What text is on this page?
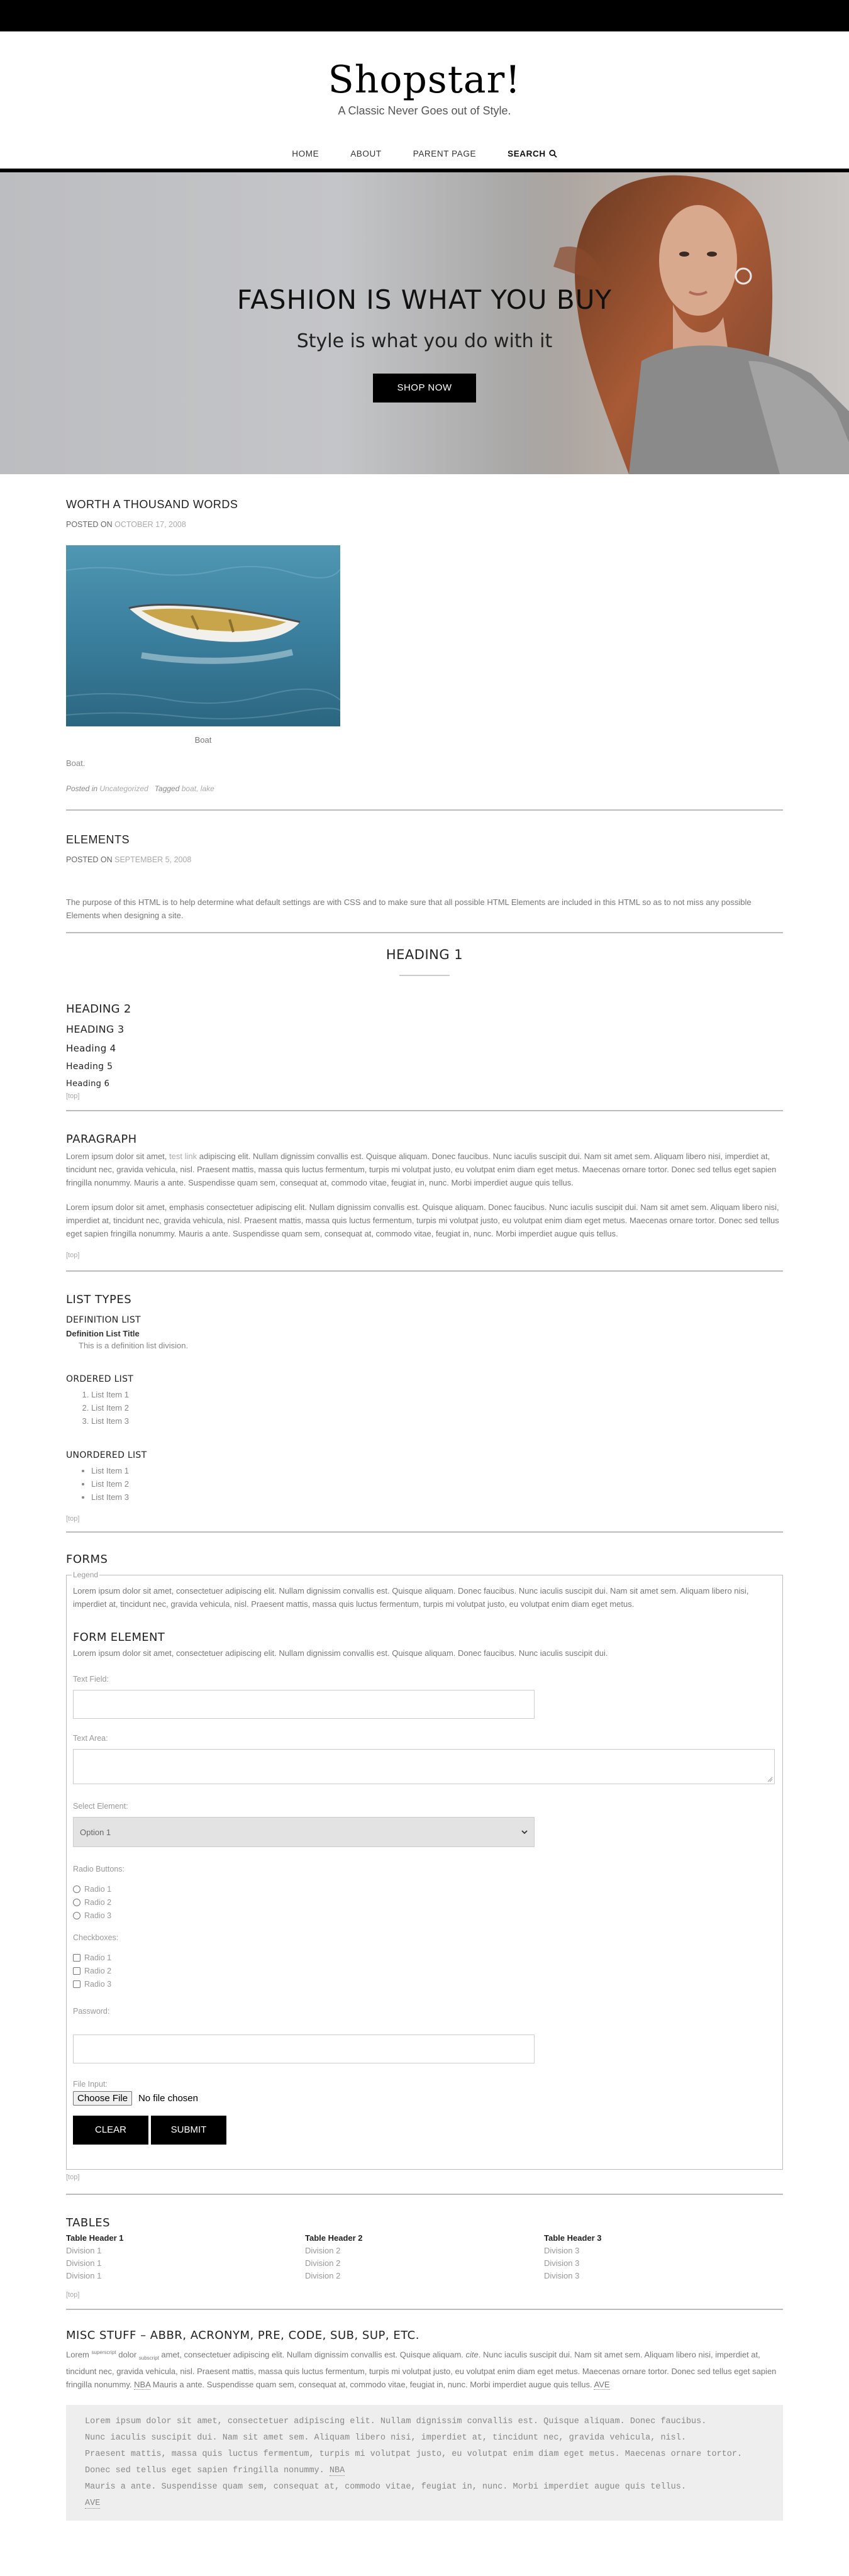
Shopstar!
A Classic Never Goes out of Style.
HOME	ABOUT	PARENT PAGE	SEARCH
FASHION IS WHAT YOU BUY
Style is what you do with it
SHOP NOW
WORTH A THOUSAND WORDS
POSTED ON OCTOBER 17, 2008
Boat

Boat.

Posted in Uncategorized Tagged boat, lake
ELEMENTS
POSTED ON SEPTEMBER 5, 2008

The purpose of this HTML is to help determine what default settings are with CSS and to make sure that all possible HTML Elements are included in this HTML so as to not miss any possible Elements when designing a site.

HEADING 1
HEADING 2
HEADING 3
Heading 4
Heading 5
Heading 6
[top]
PARAGRAPH

Lorem ipsum dolor sit amet, test link adipiscing elit. Nullam dignissim convallis est. Quisque aliquam. Donec faucibus. Nunc iaculis suscipit dui. Nam sit amet sem. Aliquam libero nisi, imperdiet at, tincidunt nec, gravida vehicula, nisl. Praesent mattis, massa quis luctus fermentum, turpis mi volutpat justo, eu volutpat enim diam eget metus. Maecenas ornare tortor. Donec sed tellus eget sapien fringilla nonummy. Mauris a ante. Suspendisse quam sem, consequat at, commodo vitae, feugiat in, nunc. Morbi imperdiet augue quis tellus.

Lorem ipsum dolor sit amet, emphasis consectetuer adipiscing elit. Nullam dignissim convallis est. Quisque aliquam. Donec faucibus. Nunc iaculis suscipit dui. Nam sit amet sem. Aliquam libero nisi, imperdiet at, tincidunt nec, gravida vehicula, nisl. Praesent mattis, massa quis luctus fermentum, turpis mi volutpat justo, eu volutpat enim diam eget metus. Maecenas ornare tortor. Donec sed tellus eget sapien fringilla nonummy. Mauris a ante. Suspendisse quam sem, consequat at, commodo vitae, feugiat in, nunc. Morbi imperdiet augue quis tellus.

[top]
LIST TYPES
DEFINITION LIST
Definition List Title
This is a definition list division.
ORDERED LIST
1. List Item 1
2. List Item 2
3. List Item 3
UNORDERED LIST
• List Item 1
• List Item 2
• List Item 3
[top]
FORMS
Legend

Lorem ipsum dolor sit amet, consectetuer adipiscing elit. Nullam dignissim convallis est. Quisque aliquam. Donec faucibus. Nunc iaculis suscipit dui. Nam sit amet sem. Aliquam libero nisi, imperdiet at, tincidunt nec, gravida vehicula, nisl. Praesent mattis, massa quis luctus fermentum, turpis mi volutpat justo, eu volutpat enim diam eget metus.

FORM ELEMENT

Lorem ipsum dolor sit amet, consectetuer adipiscing elit. Nullam dignissim convallis est. Quisque aliquam. Donec faucibus. Nunc iaculis suscipit dui.

Text Field:
Text Area:
Select Element:
Option 1
Radio Buttons:
Radio 1
Radio 2
Radio 3
Checkboxes:
Radio 1
Radio 2
Radio 3
Password:
File Input:
Choose File No file chosen
CLEAR	SUBMIT
[top]
TABLES
Table Header 1	Table Header 2	Table Header 3
Division 1	Division 2	Division 3
Division 1	Division 2	Division 3
Division 1	Division 2	Division 3
[top]
MISC STUFF – ABBR, ACRONYM, PRE, CODE, SUB, SUP, ETC.

Lorem $^{superscript}$ dolor $_{subscript}$ amet, consectetuer adipiscing elit. Nullam dignissim convallis est. Quisque aliquam. cite. Nunc iaculis suscipit dui. Nam sit amet sem. Aliquam libero nisi, imperdiet at, tincidunt nec, gravida vehicula, nisl. Praesent mattis, massa quis luctus fermentum, turpis mi volutpat justo, eu volutpat enim diam eget metus. Maecenas ornare tortor. Donec sed tellus eget sapien fringilla nonummy. NBA Mauris a ante. Suspendisse quam sem, consequat at, commodo vitae, feugiat in, nunc. Morbi imperdiet augue quis tellus. AVE

Lorem ipsum dolor sit amet, consectetuer adipiscing elit. Nullam dignissim convallis est. Quisque aliquam. Donec faucibus.
Nunc iaculis suscipit dui. Nam sit amet sem. Aliquam libero nisi, imperdiet at, tincidunt nec, gravida vehicula, nisl.
Praesent mattis, massa quis luctus fermentum, turpis mi volutpat justo, eu volutpat enim diam eget metus. Maecenas ornare tortor.
Donec sed tellus eget sapien fringilla nonummy. NBA
Mauris a ante. Suspendisse quam sem, consequat at, commodo vitae, feugiat in, nunc. Morbi imperdiet augue quis tellus.
AVE
